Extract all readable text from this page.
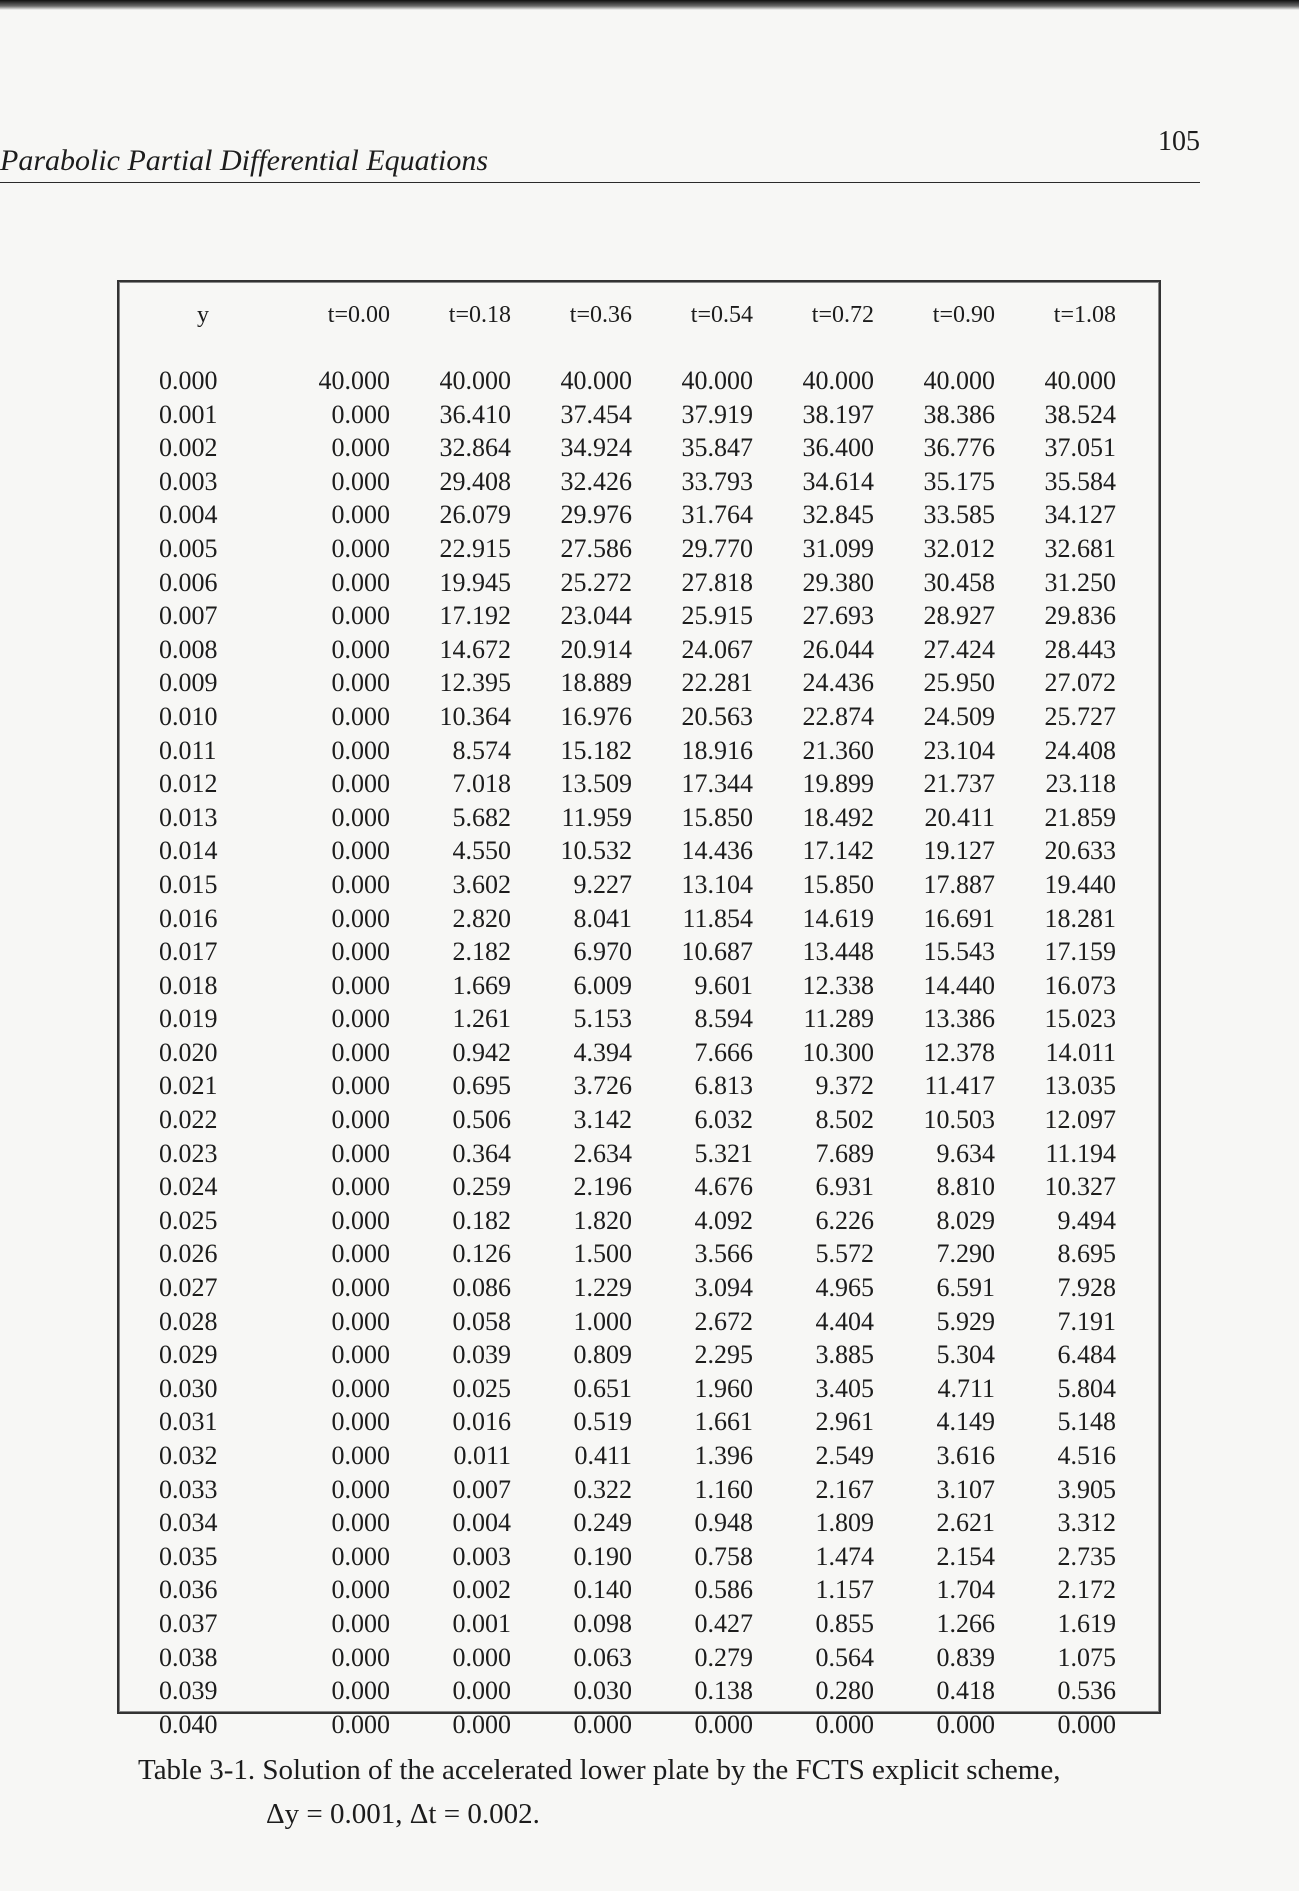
Parabolic Partial Differential Equations
105
y	t=0.00	t=0.18	t=0.36	t=0.54	t=0.72	t=0.90	t=1.08
0.000	40.000	40.000	40.000	40.000	40.000	40.000	40.000
0.001	0.000	36.410	37.454	37.919	38.197	38.386	38.524
0.002	0.000	32.864	34.924	35.847	36.400	36.776	37.051
0.003	0.000	29.408	32.426	33.793	34.614	35.175	35.584
0.004	0.000	26.079	29.976	31.764	32.845	33.585	34.127
0.005	0.000	22.915	27.586	29.770	31.099	32.012	32.681
0.006	0.000	19.945	25.272	27.818	29.380	30.458	31.250
0.007	0.000	17.192	23.044	25.915	27.693	28.927	29.836
0.008	0.000	14.672	20.914	24.067	26.044	27.424	28.443
0.009	0.000	12.395	18.889	22.281	24.436	25.950	27.072
0.010	0.000	10.364	16.976	20.563	22.874	24.509	25.727
0.011	0.000	8.574	15.182	18.916	21.360	23.104	24.408
0.012	0.000	7.018	13.509	17.344	19.899	21.737	23.118
0.013	0.000	5.682	11.959	15.850	18.492	20.411	21.859
0.014	0.000	4.550	10.532	14.436	17.142	19.127	20.633
0.015	0.000	3.602	9.227	13.104	15.850	17.887	19.440
0.016	0.000	2.820	8.041	11.854	14.619	16.691	18.281
0.017	0.000	2.182	6.970	10.687	13.448	15.543	17.159
0.018	0.000	1.669	6.009	9.601	12.338	14.440	16.073
0.019	0.000	1.261	5.153	8.594	11.289	13.386	15.023
0.020	0.000	0.942	4.394	7.666	10.300	12.378	14.011
0.021	0.000	0.695	3.726	6.813	9.372	11.417	13.035
0.022	0.000	0.506	3.142	6.032	8.502	10.503	12.097
0.023	0.000	0.364	2.634	5.321	7.689	9.634	11.194
0.024	0.000	0.259	2.196	4.676	6.931	8.810	10.327
0.025	0.000	0.182	1.820	4.092	6.226	8.029	9.494
0.026	0.000	0.126	1.500	3.566	5.572	7.290	8.695
0.027	0.000	0.086	1.229	3.094	4.965	6.591	7.928
0.028	0.000	0.058	1.000	2.672	4.404	5.929	7.191
0.029	0.000	0.039	0.809	2.295	3.885	5.304	6.484
0.030	0.000	0.025	0.651	1.960	3.405	4.711	5.804
0.031	0.000	0.016	0.519	1.661	2.961	4.149	5.148
0.032	0.000	0.011	0.411	1.396	2.549	3.616	4.516
0.033	0.000	0.007	0.322	1.160	2.167	3.107	3.905
0.034	0.000	0.004	0.249	0.948	1.809	2.621	3.312
0.035	0.000	0.003	0.190	0.758	1.474	2.154	2.735
0.036	0.000	0.002	0.140	0.586	1.157	1.704	2.172
0.037	0.000	0.001	0.098	0.427	0.855	1.266	1.619
0.038	0.000	0.000	0.063	0.279	0.564	0.839	1.075
0.039	0.000	0.000	0.030	0.138	0.280	0.418	0.536
0.040	0.000	0.000	0.000	0.000	0.000	0.000	0.000
Table 3-1. Solution of the accelerated lower plate by the FCTS explicit scheme,
Δy = 0.001, Δt = 0.002.
